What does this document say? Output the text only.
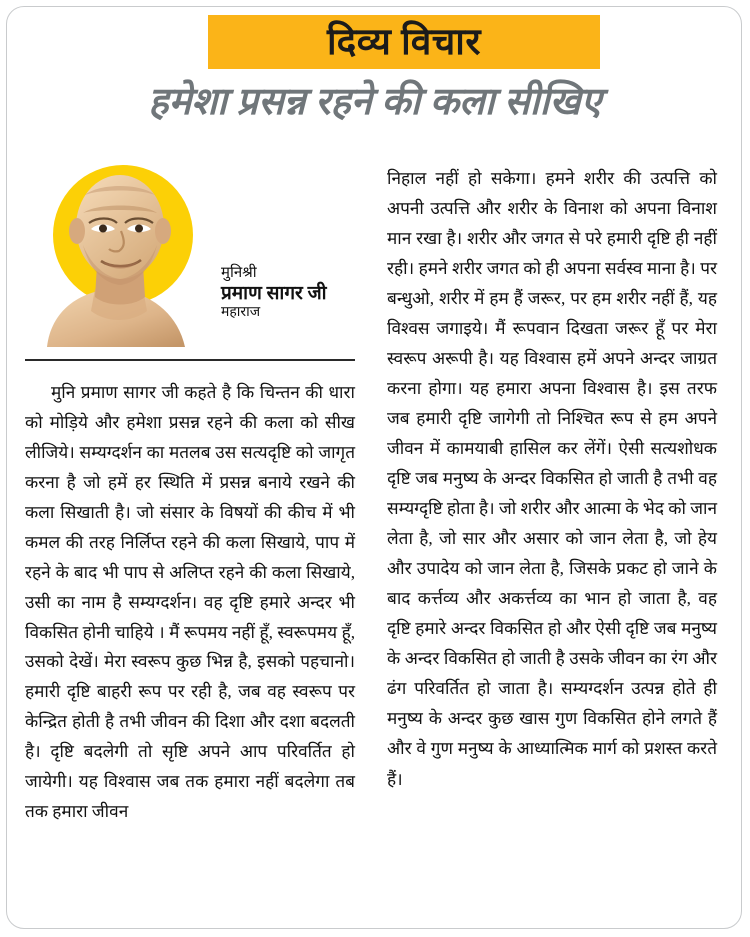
दिव्य विचार
हमेशा प्रसन्न रहने की कला सीखिए
मुनिश्री
प्रमाण सागर जी
महाराज

मुनि प्रमाण सागर जी कहते है कि चिन्तन की धारा को मोड़िये और हमेशा प्रसन्न रहने की कला को सीख लीजिये। सम्यग्दर्शन का मतलब उस सत्यदृष्टि को जागृत करना है जो हमें हर स्थिति में प्रसन्न बनाये रखने की कला सिखाती है। जो संसार के विषयों की कीच में भी कमल की तरह निर्लिप्त रहने की कला सिखाये, पाप में रहने के बाद भी पाप से अलिप्त रहने की कला सिखाये, उसी का नाम है सम्यग्दर्शन। वह दृष्टि हमारे अन्दर भी विकसित होनी चाहिये । मैं रूपमय नहीं हूँ, स्वरूपमय हूँ, उसको देखें। मेरा स्वरूप कुछ भिन्न है, इसको पहचानो। हमारी दृष्टि बाहरी रूप पर रही है, जब वह स्वरूप पर केन्द्रित होती है तभी जीवन की दिशा और दशा बदलती है। दृष्टि बदलेगी तो सृष्टि अपने आप परिवर्तित हो जायेगी। यह विश्वास जब तक हमारा नहीं बदलेगा तब तक हमारा जीवन

निहाल नहीं हो सकेगा। हमने शरीर की उत्पत्ति को अपनी उत्पत्ति और शरीर के विनाश को अपना विनाश मान रखा है। शरीर और जगत से परे हमारी दृष्टि ही नहीं रही। हमने शरीर जगत को ही अपना सर्वस्व माना है। पर बन्धुओ, शरीर में हम हैं जरूर, पर हम शरीर नहीं हैं, यह विश्वस जगाइये। मैं रूपवान दिखता जरूर हूँ पर मेरा स्वरूप अरूपी है। यह विश्वास हमें अपने अन्दर जाग्रत करना होगा। यह हमारा अपना विश्वास है। इस तरफ जब हमारी दृष्टि जागेगी तो निश्चित रूप से हम अपने जीवन में कामयाबी हासिल कर लेंगें। ऐसी सत्यशोधक दृष्टि जब मनुष्य के अन्दर विकसित हो जाती है तभी वह सम्यग्दृष्टि होता है। जो शरीर और आत्मा के भेद को जान लेता है, जो सार और असार को जान लेता है, जो हेय और उपादेय को जान लेता है, जिसके प्रकट हो जाने के बाद कर्त्तव्य और अकर्त्तव्य का भान हो जाता है, वह दृष्टि हमारे अन्दर विकसित हो और ऐसी दृष्टि जब मनुष्य के अन्दर विकसित हो जाती है उसके जीवन का रंग और ढंग परिवर्तित हो जाता है। सम्यग्दर्शन उत्पन्न होते ही मनुष्य के अन्दर कुछ खास गुण विकसित होने लगते हैं और वे गुण मनुष्य के आध्यात्मिक मार्ग को प्रशस्त करते हैं।
